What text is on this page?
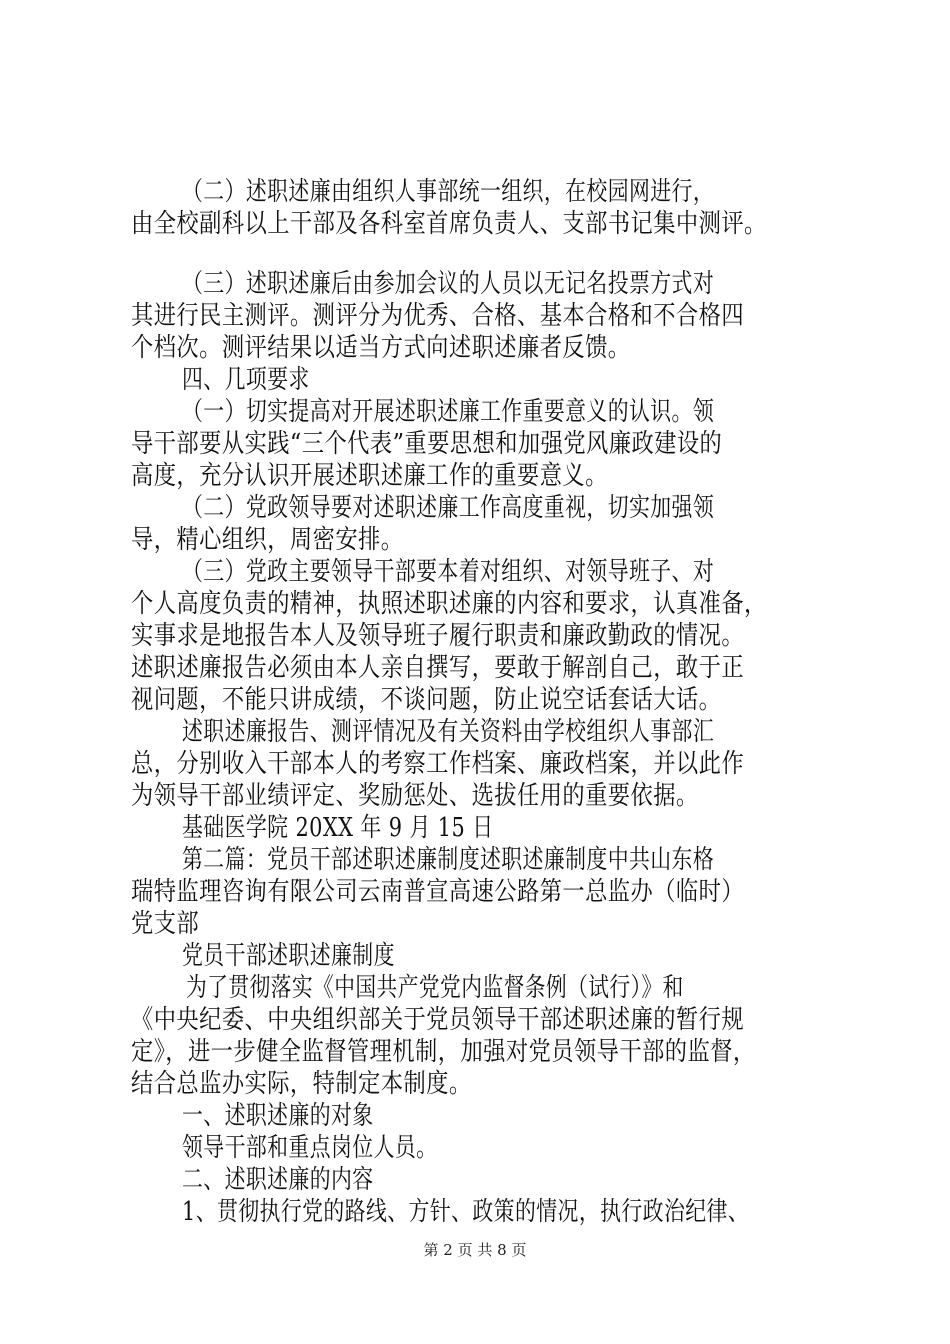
（二）述职述廉由组织人事部统一组织，在校园网进行，
由全校副科以上干部及各科室首席负责人、支部书记集中测评。
（三）述职述廉后由参加会议的人员以无记名投票方式对
其进行民主测评。测评分为优秀、合格、基本合格和不合格四
个档次。测评结果以适当方式向述职述廉者反馈。
四、几项要求
（一）切实提高对开展述职述廉工作重要意义的认识。领
导干部要从实践“三个代表”重要思想和加强党风廉政建设的
高度，充分认识开展述职述廉工作的重要意义。
（二）党政领导要对述职述廉工作高度重视，切实加强领
导，精心组织，周密安排。
（三）党政主要领导干部要本着对组织、对领导班子、对
个人高度负责的精神，执照述职述廉的内容和要求，认真准备，
实事求是地报告本人及领导班子履行职责和廉政勤政的情况。
述职述廉报告必须由本人亲自撰写，要敢于解剖自己，敢于正
视问题，不能只讲成绩，不谈问题，防止说空话套话大话。
述职述廉报告、测评情况及有关资料由学校组织人事部汇
总，分别收入干部本人的考察工作档案、廉政档案，并以此作
为领导干部业绩评定、奖励惩处、选拔任用的重要依据。
基础医学院 20XX 年 9 月 15 日
第二篇：党员干部述职述廉制度述职述廉制度中共山东格
瑞特监理咨询有限公司云南普宣高速公路第一总监办（临时）
党支部
党员干部述职述廉制度
为了贯彻落实《中国共产党党内监督条例（试行）》和
《中央纪委、中央组织部关于党员领导干部述职述廉的暂行规
定》，进一步健全监督管理机制，加强对党员领导干部的监督，
结合总监办实际，特制定本制度。
一、述职述廉的对象
领导干部和重点岗位人员。
二、述职述廉的内容
1、贯彻执行党的路线、方针、政策的情况，执行政治纪律、
第 2 页 共 8 页
